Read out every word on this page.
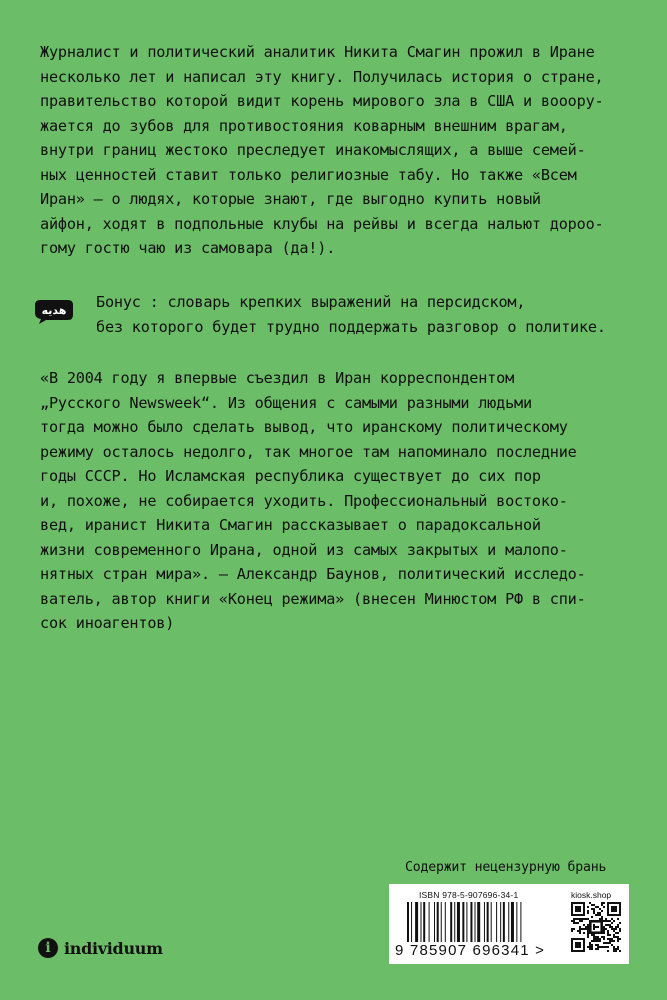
Журналист и политический аналитик Никита Смагин прожил в Иране
несколько лет и написал эту книгу. Получилась история о стране,
правительство которой видит корень мирового зла в США и вооору-
жается до зубов для противостояния коварным внешним врагам,
внутри границ жестоко преследует инакомыслящих, а выше семей-
ных ценностей ставит только религиозные табу. Но также «Всем
Иран» – о людях, которые знают, где выгодно купить новый
айфон, ходят в подпольные клубы на рейвы и всегда нальют дороо-
гому гостю чаю из самовара (да!).
هدیه Бонус : словарь крепких выражений на персидском,
без которого будет трудно поддержать разговор о политике.
«В 2004 году я впервые съездил в Иран корреспондентом
„Русского Newsweek“. Из общения с самыми разными людьми
тогда можно было сделать вывод, что иранскому политическому
режиму осталось недолго, так многое там напоминало последние
годы СССР. Но Исламская республика существует до сих пор
и, похоже, не собирается уходить. Профессиональный востоко-
вед, иранист Никита Смагин рассказывает о парадоксальной
жизни современного Ирана, одной из самых закрытых и малопо-
нятных стран мира». – Александр Баунов, политический исследо-
ватель, автор книги «Конец режима» (внесен Минюстом РФ в спи-
сок иноагентов)
Содержит нецензурную брань
i individuum
ISBN 978-5-907696-34-1	kiosk.shop
9 785907 696341 >
